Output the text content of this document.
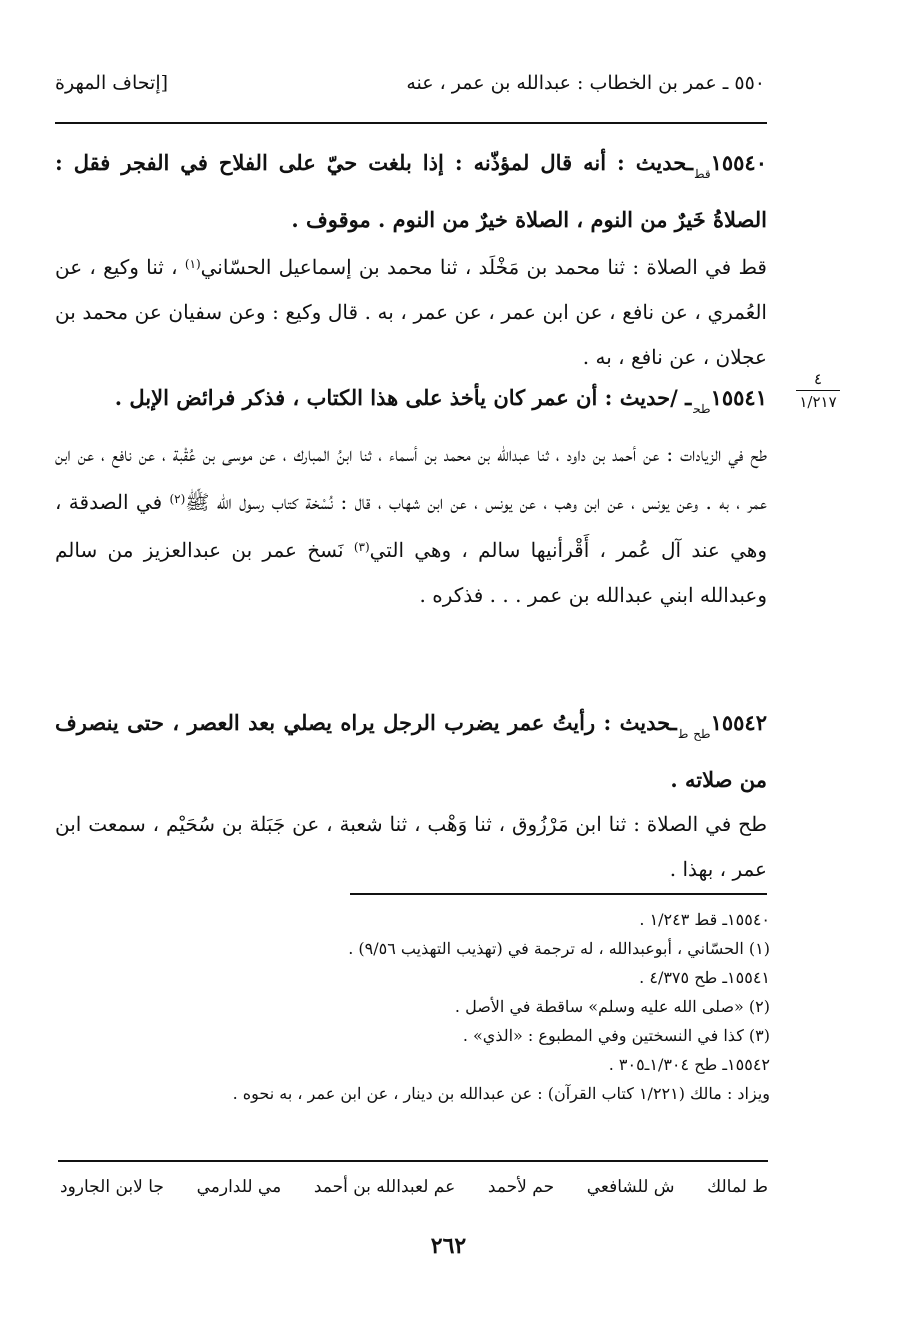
٥٥٠ ـ عمر بن الخطاب : عبدالله بن عمر ، عنه
[إتحاف المهرة
$١٥٥٤٠_{قط}ـحديث$ : أنه قال لمؤذّنه : إذا بلغت حيّ على الفلاح في الفجر فقل : الصلاةُ خَيرٌ من النوم ، الصلاة خيرٌ من النوم . موقوف .
قط في الصلاة : ثنا محمد بن مَخْلَد ، ثنا محمد بن إسماعيل الحسّاني$^{(١)}$ ، ثنا وكيع ، عن العُمري ، عن نافع ، عن ابن عمر ، عن عمر ، به . قال وكيع : وعن سفيان عن محمد بن عجلان ، عن نافع ، به .
$١٥٥٤١_{طح}ـ$ /حديث : أن عمر كان يأخذ على هذا الكتاب ، فذكر فرائض الإبل .
طح في الزيادات : عن أحمد بن داود ، ثنا عبدالله بن محمد بن أسماء ، ثنا ابنُ المبارك ، عن موسى بن عُقْبة ، عن نافع ، عن ابن عمر ، به . وعن يونس ، عن ابن وهب ، عن يونس ، عن ابن شهاب ، قال : نُسْخة كتاب رسول الله ﷺ$^{(٢)}$ في الصدقة ، وهي عند آل عُمر ، أَقْرأنيها سالم ، وهي التي$^{(٣)}$ نَسخ عمر بن عبدالعزيز من سالم وعبدالله ابني عبدالله بن عمر . . . فذكره .
٤
١/٢١٧
$١٥٥٤٢_{طح ط}ـحديث$ : رأيتُ عمر يضرب الرجل يراه يصلي بعد العصر ، حتى ينصرف من صلاته .
طح في الصلاة : ثنا ابن مَرْزُوق ، ثنا وَهْب ، ثنا شعبة ، عن جَبَلة بن سُحَيْم ، سمعت ابن عمر ، بهذا .
١٥٥٤٠ـ قط ١/٢٤٣ .
(١) الحسّاني ، أبوعبدالله ، له ترجمة في (تهذيب التهذيب ٩/٥٦) .
١٥٥٤١ـ طح ٤/٣٧٥ .
(٢) «صلى الله عليه وسلم» ساقطة في الأصل .
(٣) كذا في النسختين وفي المطبوع : «الذي» .
١٥٥٤٢ـ طح ١/٣٠٤ـ٣٠٥ .
ويزاد : مالك (١/٢٢١ كتاب القرآن) : عن عبدالله بن دينار ، عن ابن عمر ، به نحوه .
ط لمالك
ش للشافعي
حم لأحمد
عم لعبدالله بن أحمد
مي للدارمي
جا لابن الجارود
٢٦٢
